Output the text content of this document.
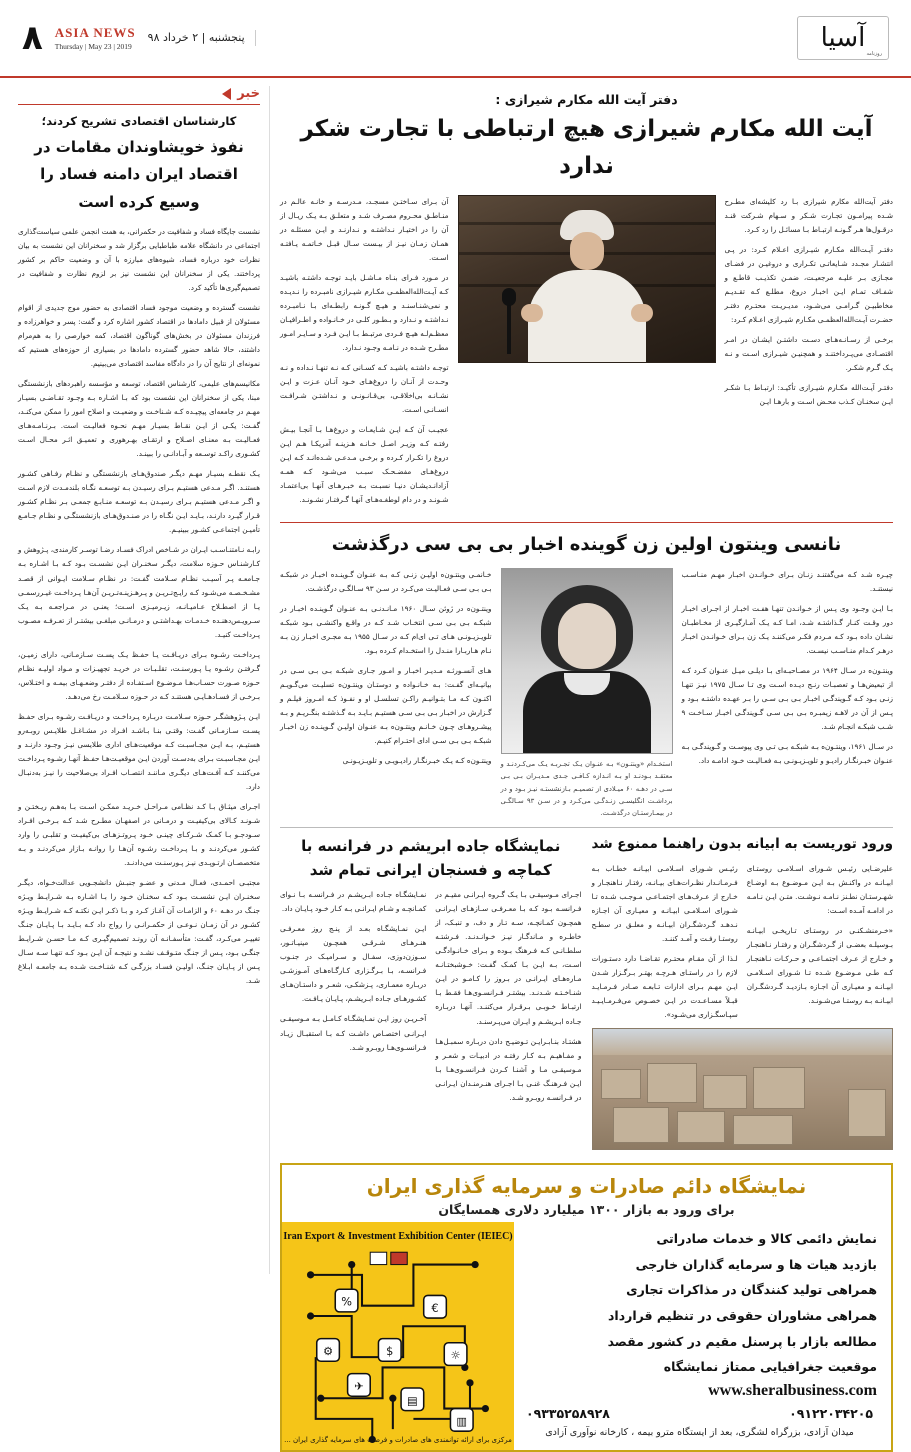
آسیا
روزنامه
پنجشنبه | ۲ خرداد ۹۸
ASIA NEWS
Thursday | May 23 | 2019
۸
دفتر آیت الله مکارم شیرازی :
آیت الله مکارم شیرازی هیچ ارتباطی با تجارت شکر ندارد

دفتر آیت‌الله مکارم شیرازی بـا رد کلیشه‌ای مطـرح شـده پیرامـون تجـارت شـکر و سـهام شـرکت قنـد درقـول‌ها هـر گـونـه ارتبـاط بـا مسائـل را رد کـرد.

دفتـر آیـت‌الله مکـارم شیـرازی اعـلام کـرد: در پـی انتشـار مجـدد شـایعاتـی تکـراری و دروغیـن در فضـای مجـازی بـر علیـه مرجعیـت، ضمـن تکذیـب قاطـع و شفـاف تمـام ایـن اخبـار دروغ، مطلـع کـه تقـدیـم مخاطبیـن گـرامـی می‌شـود، مدیـریـت محتـرم دفتـر حضـرت آیـت‌الله‌العظمـی مکـارم شیـرازی اعـلام کـرد:

برخـی از رسـانـه‌هـای دسـت داشتـن ایشـان در امـر اقتصـادی می‌پـرداختنـد و همچنیـن شیـرازی اسـت و نـه یـک گـرم شکـر.

دفتـر آیـت‌الله مکـارم شیـرازی تأکیـد: ارتبـاط بـا شکـر ایـن سخنـان کـذب محـض اسـت و بارهـا ایـن

آن بـرای سـاختـن مسجـد، مـدرسـه و خانـه عالـم در منـاطـق محـروم مصـرف شـد و متعلـق بـه یـک ریـال از آن را در اختیـار نـداشتـه و نـدارنـد و ایـن مسئلـه در همـان زمـان نیـز از بیـست سـال قبـل خـاتمـه یـافتـه اسـت.

در مـورد فـرای بنـاه مـاشـل بایـد توجـه داشتـه باشیـد کـه آیـت‌الله‌العظمـی مکـارم شیـرازی نامبـرده را نـدیـده و نمی‌شنـاسنـد و هیـچ گـونـه رابطـه‌ای بـا نـامبـرده نـداشتـه و نـدارد و بـطـور کلـی در خـانـواده و اطـرافیـان معظـم‌لـه هیـچ فـردی مرتبـط بـا ایـن فـرد و سـایـر امـور مطـرح شـده در نـامـه وجـود نـدارد.

توجـه داشتـه باشیـد کـه کسـانی کـه نـه تنهـا نـداده و نـه وحـدت از آنـان را دروغ‌هـای خـود آنـان عـزت و ایـن نشـانـه بی‌اخلاقـی، بی‌قـانـونـی و نـداشتـن شـرافـت انسـانـی اسـت.

عجیـب آن کـه ایـن شـایعـات و دروغ‌هـا بـا آنجـا بیـش رفتـه کـه وزیـر اصـل خـانـه هـزینـه آمریکـا هـم ایـن دروغ را تکـرار کـرده و برخـی مـدعـی شـده‌انـد کـه ایـن دروغ‌هـای مفضـحـک سبـب می‌شـود کـه همـه آزادانـدیشـان دنیـا نسبـت بـه خبـرهـای آنهـا بی‌اعتمـاد شـونـد و در دام لوطغـه‌هـای آنهـا گـرفتـار نشـونـد.

نانسی وینتون اولین زن گوینده اخبار بی بی سی درگذشت

چیـره شـد کـه می‌گفتنـد زنـان بـرای خـوانـدن اخبـار مهـم منـاسـب نیستنـد.

بـا ایـن وجـود وی پـس از خـوانـدن تنهـا هفـت اخبـار از اجـرای اخبـار دور وقـت کنـار گـذاشتـه شـد، امـا کـه یـک آمـارگیـری از مخـاطبـان نشـان داده بـود کـه مـردم فکـر می‌کننـد یـک زن بـرای خـوانـدن اخبـار درهـر کـدام منـاسـب نیسـت.

وینتـون‌ه در سـال ۱۹۶۴ در مصـاحبـه‌ای بـا دیلـی میـل عنـوان کـرد کـه از تبعیض‌هـا و تعصبـات رنـج دیـده اسـت وی تـا سـال ۱۹۷۵ نیـز تنهـا زنـی بـود کـه گـویندگـی اخبـار بـی بـی سـی را بـر عهـده داشتـه بـود و پـس از آن در لاهـه زیمبـره بـی بـی سـی گـویندگـی اخبـار سـاخـت ۹ شـب شبکـه انجـام شـد.

در سـال ۱۹۶۱، وینتـون‌ه بـه شبکـه بـی تـی وی پیوسـت و گـویندگـی بـه عنـوان خبـرنگـار رادیـو و تلویـزیـونـی بـه فعـالیـت خـود ادامـه داد.

استخـدام «وینتـون» بـه عنـوان یـک تجـربـه یـک می‌کـردنـد و معتقـد بـودنـد او بـه انـدازه کـافـی جـدی مـدیـران بـی بـی سـی در دهـه ۶۰ میـلادی از تصمیـم بـازنشستـه نیـز بـود و در برداشـت انگلیسـی زنـدگـی می‌کـرد و در سـن ۹۳ سـالگـی در بیمـارستـان درگذشـت.

خـانمـی وینتـون‌ه اولیـن زنـی کـه بـه عنـوان گـوینـده اخبـار در شبکـه بـی بـی سـی فعـالیـت می‌کـرد در سـن ۹۳ سـالگـی درگذشـت.

وینتـون‌ه در ژوئن سـال ۱۹۶۰ مـانـدنـی بـه عنـوان گـوینـده اخبـار در شبکـه بـی بـی سـی انتخـاب شـد کـه در واقـع واکنشـی بـود شبکـه تلویـزیـونـی هـای تـی ای‌ام کـه در سـال ۱۹۵۵ بـه مجـری اخبـار زن بـه نـام هـاربـارا منـدل را استخـدام کـرده بـود.

هـای آنسـورثـه مـدیـر اخبـار و امـور جـاری شبکـه بـی بـی سـی در بیانیـه‌ای گفـت: بـه خـانـواده و دوستـان وینتـون‌ه تسلیـت می‌گـویـم اکنـون کـه مـا بتـوانیـم راکـن تسلسـل او و نفـوذ کـه امـروز فیلـم و گـزارش در اخبـار بـی بـی سـی هستیـم بـایـد بـه گـذشتـه بنگـریـم و بـه پیشـرو‌هـای چـون خـانـم وینتـون‌ه بـه عنـوان اولیـن گـوینـده زن اخبـار شبکـه بـی بـی سـی ادای احتـرام کنیـم.

وینتـون‌ه کـه یـک خبـرنگـار رادیـویـی و تلویـزیـونـی

ورود توریست به ابیانه بدون راهنما ممنوع شد

علیرضـایی رئیـس شـورای اسـلامـی روستـای ابیـانـه در واکنـش بـه ایـن مـوضـوع بـه اوضـاع شهـرستـان نطـنز نـامـه نـوشـت. متـن ایـن نـامـه در ادامـه آمـده اسـت:

«خـرمنشـکنـی در روستـای تـاریخـی ابیـانـه بـوسیلـه بعضـی از گـردشگـران و رفتـار نـاهنجـار و خـارج از عـرف اجتمـاعـی و حـرکـات نـاهنجـار کـه طـی مـوضـوع شـده تـا شـورای اسـلامـی ابیـانـه و معیـاری آن اجـازه بـازدیـد گـردشگـران ابیـانـه بـه روستـا می‌شـونـد.

رئیـس شـورای اسـلامـی ابیـانـه خطـاب بـه فـرمـانـدار نظـرات‌هـای بیـانـه، رفتـار نـاهنجـار و خـارج از عـرف‌هـای اجتمـاعـی مـوجـب شـده تـا شـورای اسـلامـی ابیـانـه و معیـاری آن اجـازه نـدهـد گـردشگـران ابیـانـه و معلـق در سطـح روستـا رفـت و آمـد کننـد.

لـذا از آن مقـام محتـرم تقـاضـا دارد دستـورات لازم را در راستـای هـرچـه بهتـر بـرگـزار شـدن ایـن مهـم بـرای ادارات تـابعـه صـادر فـرمـایـد قبـلاً مسـاعـدت در ایـن خصـوص می‌فـرمـایـیـد سپـاسگـزاری می‌شـود».

نمایشگاه جاده ابریشم در فرانسه با کماچه و فسنجان ایرانی تمام شد

اجـرای مـوسیقـی بـا یـک گـروه ایـرانـی مقیـم در فـرانسـه بـود کـه بـا معـرفـی سـازهـای ایـرانـی همچـون کمـانچـه، سـه تـار و دف، و تنبـک، از خاطـره و مـاندگـار نیـز خـوانـدنـد. فـرشتـه سلطـانـی کـه فـرهنگ بـوده و بـرای خـانـوادگـی اسـت، بـه ایـن بـا کمـک گفـت: خـوشبختـانـه مـاره‌هـای ایـرانـی در بـروز را کـامـو در ایـن شنـاخـتـه شـدنـد. بیشتـر فـرانسـوی‌هـا فقـط بـا ارتبـاط خـوبـی بـرقـرار می‌کننـد. آنهـا دربـاره جـاده ابـریشـم و ایـران می‌پـرسنـد.

هشتـاد بنـابـرایـن تـوضیـح دادن دربـاره سمبـل‌هـا و مفـاهیـم بـه کـار رفتـه در ادبیـات و شعـر و مـوسیقـی مـا و آشنـا کـردن فـرانسـوی‌هـا بـا ایـن فـرهنـگ غنـی بـا اجـرای هنـرمنـدان ایـرانـی در فـرانسـه روبـرو شـد.

نمـایشگـاه جـاده ابـریشـم در فـرانسـه بـا نـوای کمـانچـه و شـام ایـرانـی بـه کـار خـود پـایـان داد.

ایـن نمـایشگـاه بعـد از پنـج روز معـرفـی هنـرهـای شـرقـی همچـون مینیـاتـور، سـوزن‌دوزی، سفـال و سـرامیـک در جنـوب فـرانسـه، بـا بـرگـزاری کـارگـاه‌هـای آمـوزشـی دربـاره معمـاری، پـزشکـی، شعـر و داستـان‌هـای کشـورهـای جـاده ابـریشـم، پـایـان یـافـت.

آخـریـن روز ایـن نمـایشگـاه کـامـل بـه مـوسیقـی ایـرانـی اختصـاص داشـت کـه بـا استقبـال زیـاد فـرانسـوی‌هـا روبـرو شـد.

نمایشگاه دائم صادرات و سرمایه گذاری ایران
برای ورود به بازار ۱۳۰۰ میلیارد دلاری همسایگان
نمایش دائمی کالا و خدمات صادراتی
بازدید هیات ها و سرمایه گذاران خارجی
همراهی تولید کنندگان در مذاکرات تجاری
همراهی مشاوران حقوقی در تنظیم قرارداد
مطالعه بازار با پرسنل مقیم در کشور مقصد
موقعیت جغرافیایی ممتاز نمایشگاه
www.sheralbusiness.com
۰۹۳۳۵۲۵۸۹۲۸	۰۹۱۲۲۰۳۴۲۰۵
میدان آزادی، بزرگراه لشگری، بعد از ایستگاه مترو بیمه ، کارخانه نوآوری آزادی
Iran Export & Investment Exhibition Center (IEIEC)
%
$
€
☼
✈
▤
⚙
▥
مرکزی برای ارائه توانمندی های صادرات و فرصت های سرمایه گذاری ایران ...
خبر
کارشناسان اقتصادی تشریح کردند؛
نفوذ خویشاوندان مقامات در اقتصاد ایران دامنه فساد را وسیع کرده است

نشست جایگاه فساد و شفافیت در حکمرانی، به همت انجمن علمی سیاست‌گذاری اجتماعی در دانشگاه علامه طباطبایی برگزار شد و سخنرانان این نشست به بیان نظرات خود درباره فساد، شیوه‌های مبارزه با آن و وضعیت حاکم بر کشور پرداختند. یکی از سخنرانان این نشست نیز بر لزوم نظارت و شفافیت در تصمیم‌گیری‌ها تأکید کرد.

نشست گسترده و وضعیت موجود فساد اقتصادی به حضور موج جدیدی از اقوام مسئولان از قبیل داماد‌ها در اقتصاد کشور اشاره کرد و گفت: پسر و خواهرزاده و فرزندان مسئولان در بخش‌های گوناگون اقتصاد، کمه خوارصی را به هم‌مرام داشتند، حالا شاهد حضور گسترده داماد‌ها در بسیاری از حوزه‌های هستیم که نمونه‌ای از نتایج آن را در دادگاه مفاسد اقتصادی می‌بینیم.

مکانیسم‌های علیمی، کارشناس اقتصاد، توسعه و مؤسسه راهبردهای بازنشستگی مبنا، یکی از سخنرانان این نشست بود که بـا اشـاره بـه وجـود تقـاضـی بسیـار مهـم در جامعه‌ای پیچیـده کـه شـناخـت و وضعیـت و اصلاح امور را ممکن می‌کنـد، گفـت: یکـی از ایـن نقـاط بسیـار مهـم نحـوه فعالیـت است. بـرنـامـه‌هـای فعـالیـت بـه معنـای اصـلاح و ارتقـای بهـرهوری و تعمیـق اثـر محـال اسـت کشـوری راکـد توسـعه و آبـادانـی را ببینـد.

یـک نقطـه بسیـار مهـم دیگـر صندوق‌هـای بازنشستگی و نظـام رفـاهی کشـور هستنـد. اگـر مـدعی هستیـم بـرای رسیـدن بـه توسعـه نگـاه بلندمـدت لازم اسـت و اگـر مـدعی هستیـم بـرای رسیـدن بـه توسعـه منـابـع جمعـی بـر نظـام کشـور قـرار گیـرد دارنـد، بـایـد ایـن نگـاه را در صنـدوق‌هـای بازنشستگـی و نظـام جـامـع تأمیـن اجتماعـی کشـور ببینیـم.

رابـه نـامتنـاسـب ایـران در شـاخص ادراک فسـاد رضـا توسـر کارمندی، پـژوهش و کـارشنـاس حـوزه سلامت، دیگـر سخنـران ایـن نشسـت بـود کـه بـا اشـاره بـه جـامعـه پـر آسیـب نظـام سـلامت گفـت: در نظـام سـلامت ایـوانی از قصـد مشـخـصـه می‌شـود کـه رایـج‌تـریـن و پـرهـزینـه‌تـریـن آن‌هـا پـرداخـت غیـر‌رسمـی یـا از اصطـلاح عـامیـانـه، زیـرمیـزی اسـت؛ یعنـی در مـراجعـه بـه یـک سـرویـس‌دهنـده خـدمـات بهـداشتـی و درمـانـی مبلغـی بیشتـر از تعـرفـه مصـوب پـرداخـت کنیـد.

پـرداخـت رشـوه بـرای دریـافـت یـا حفـظ یـک پسـت سـازمـانی، دارای زمیـن، گـرفتـن رشـوه یـا پـورسنـت، تقلـبـات در خریـد تجهیـزات و مـواد اولیـه نظـام حـوزه صـورت حسـاب‌هـا مـوضـوع اسـتفـاده از دفتـر وضعـهـای بیمـه و اختـلاس، بـرخـی از فسـادهـایـی هستنـد کـه در حـوزه سـلامـت رخ می‌دهـد.

ایـن پـژوهشگـر حـوزه سـلامـت دربـاره پـرداخـت و دریـافـت رشـوه بـرای حفـظ پسـت سـازمـانی گفـت: وقتـی بنـا بـاشـد افـراد در مشـاغـل طلایـس روبـه‌رو هستیـم، بـه ایـن مجـاسبـت کـه موقعیت‌هـای اداری طلایسی نیـز وجـود دارنـد و ایـن مجـاسبـت بـرای به‌دسـت آوردن ایـن موقعیـت‌هـا حفـظ آنهـا رشـوه پـرداخـت می‌کننـد کـه آفـت‌هـای دیگـری مـاننـد انتصـاب افـراد بی‌صلاحیت را نیـز به‌دنبـال دارد.

اجـرای میثـاق بـا کـد نظـامی مـراحـل خـریـد ممکـن اسـت بـا به‌هـم‌ ریـختـن و شـونـد کـالای بی‌کیفیـت و درمـانی در اصفهـان مطـرح شـد کـه بـرخـی افـراد سـودجـو بـا کمـک شـرکـای چینـی خـود پـروتـز‌هـای بی‌کیفیـت و تقلبـی را وارد کشـور می‌کردنـد و بـا پـرداخـت رشـوه آن‌هـا را روانـه بـازار می‌کردنـد و بـه متخصصـان ارتـوپـدی نیـز پـورسنـت می‌دادنـد.

مجتبـی احمـدی، فعـال مـدنی و عضـو جنبـش دانشجـویی عدالت‌خـواه، دیگـر سخنـران ایـن نشسـت بـود کـه سخنـان خـود را بـا اشـاره بـه شـرایـط ویـژه جنـگ در دهـه ۶۰ و الزامـات آن آغـاز کـرد و بـا ذکـر ایـن نکتـه کـه شـرایـط ویـژه کشـور در آن زمـان نـوعـی از حکمـرانـی را رواج داد کـه بـایـد بـا پـایـان جنـگ تغییـر می‌کـرد، گفـت: متأسفـانـه آن رونـد تصمیم‌گیـری کـه مـا حسـن شـرایـط جنگـی بـود، پـس از جنـگ متـوقـف نشـد و نتیجـه آن ایـن بـود کـه تنهـا سـه سـال پـس از پـایـان جنـگ، اولیـن فسـاد بزرگـی کـه شنـاخـت شـده بـه جامعـه ابـلاغ شـد.
